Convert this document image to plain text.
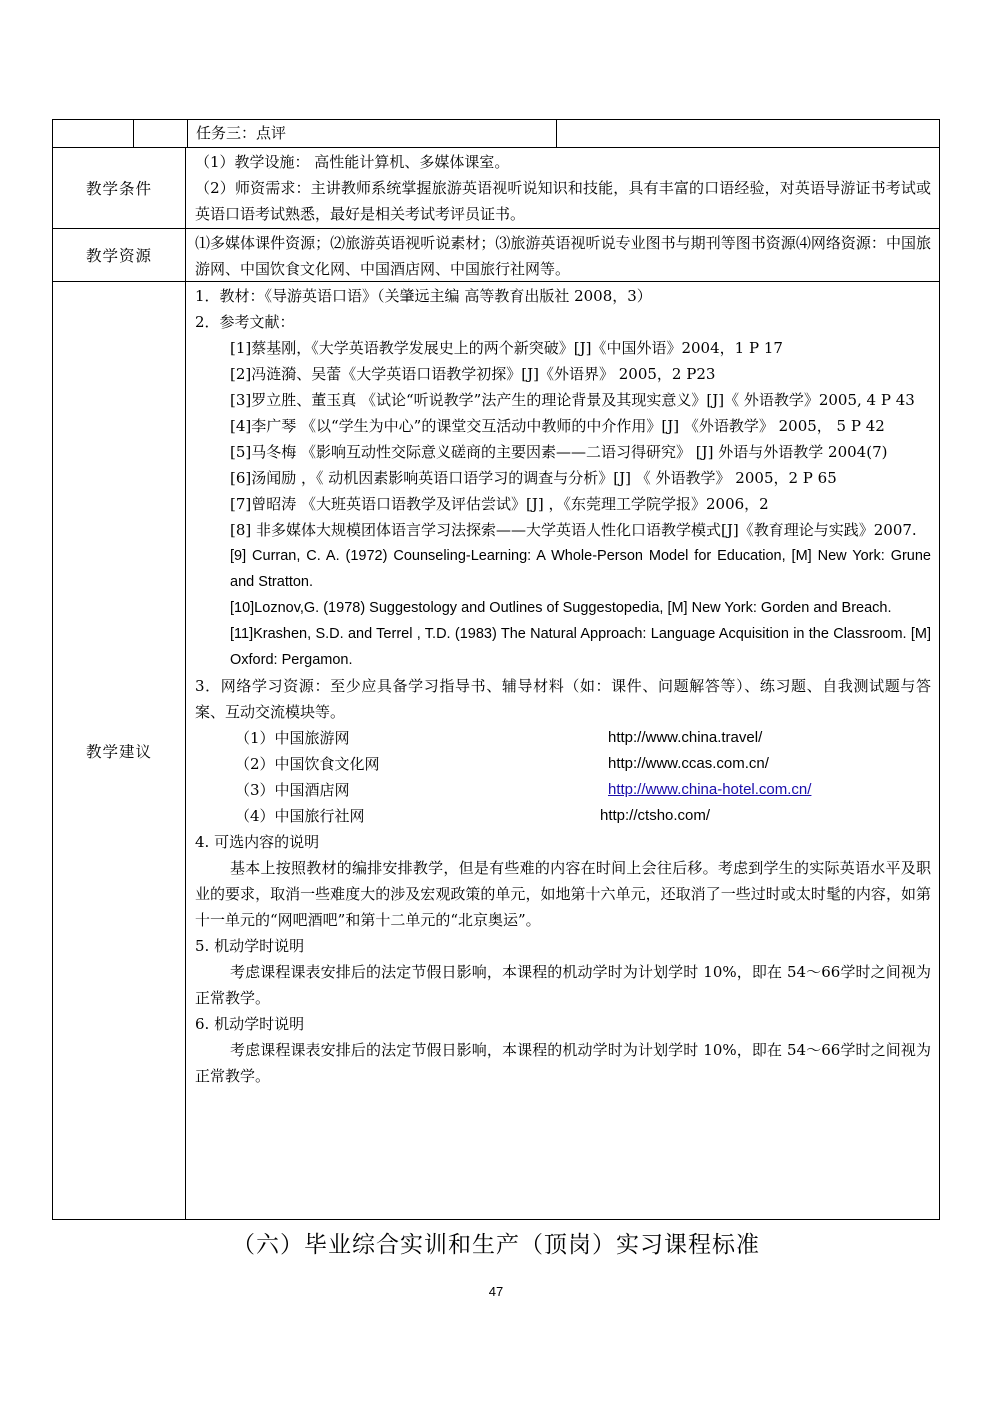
任务三：点评
教学条件
（1）教学设施： 高性能计算机、多媒体课室。
（2）师资需求：主讲教师系统掌握旅游英语视听说知识和技能，具有丰富的口语经验，对英语导游证书考试或英语口语考试熟悉，最好是相关考试考评员证书。
教学资源
⑴多媒体课件资源；⑵旅游英语视听说素材；⑶旅游英语视听说专业图书与期刊等图书资源⑷网络资源：中国旅游网、中国饮食文化网、中国酒店网、中国旅行社网等。
教学建议
1．教材：《导游英语口语》（关肇远主编 高等教育出版社 2008，3）
2．参考文献：
[1]蔡基刚，《大学英语教学发展史上的两个新突破》[J]《中国外语》2004，1 P 17
[2]冯涟漪、吴蕾《大学英语口语教学初探》[J]《外语界》 2005，2 P23
[3]罗立胜、董玉真 《试论“听说教学”法产生的理论背景及其现实意义》[J]《 外语教学》2005, 4 P 43
[4]李广琴 《以“学生为中心”的课堂交互活动中教师的中介作用》[J] 《外语教学》 2005， 5 P 42
[5]马冬梅 《影响互动性交际意义磋商的主要因素——二语习得研究》 [J] 外语与外语教学 2004(7)
[6]汤闻励 ，《 动机因素影响英语口语学习的调查与分析》[J] 《 外语教学》 2005，2 P 65
[7]曾昭涛 《大班英语口语教学及评估尝试》[J] ，《东莞理工学院学报》2006，2
[8] 非多媒体大规模团体语言学习法探索——大学英语人性化口语教学模式[J]《教育理论与实践》2007.
[9] Curran, C. A. (1972) Counseling-Learning: A Whole-Person Model for Education, [M] New York: Grune and Stratton.
[10]Loznov,G. (1978) Suggestology and Outlines of Suggestopedia, [M] New York: Gorden and Breach.
[11]Krashen, S.D. and Terrel , T.D. (1983) The Natural Approach: Language Acquisition in the Classroom. [M] Oxford: Pergamon.
3．网络学习资源：至少应具备学习指导书、辅导材料（如：课件、问题解答等）、练习题、自我测试题与答案、互动交流模块等。
（1）中国旅游网	http://www.china.travel/
（2）中国饮食文化网	http://www.ccas.com.cn/
（3）中国酒店网	http://www.china-hotel.com.cn/
（4）中国旅行社网	http://ctsho.com/
4. 可选内容的说明
基本上按照教材的编排安排教学，但是有些难的内容在时间上会往后移。考虑到学生的实际英语水平及职业的要求，取消一些难度大的涉及宏观政策的单元，如地第十六单元，还取消了一些过时或太时髦的内容，如第十一单元的“网吧酒吧”和第十二单元的“北京奥运”。
5. 机动学时说明
考虑课程课表安排后的法定节假日影响，本课程的机动学时为计划学时 10%，即在 54～66学时之间视为正常教学。
6. 机动学时说明
考虑课程课表安排后的法定节假日影响，本课程的机动学时为计划学时 10%，即在 54～66学时之间视为正常教学。
（六）毕业综合实训和生产（顶岗）实习课程标准
47
